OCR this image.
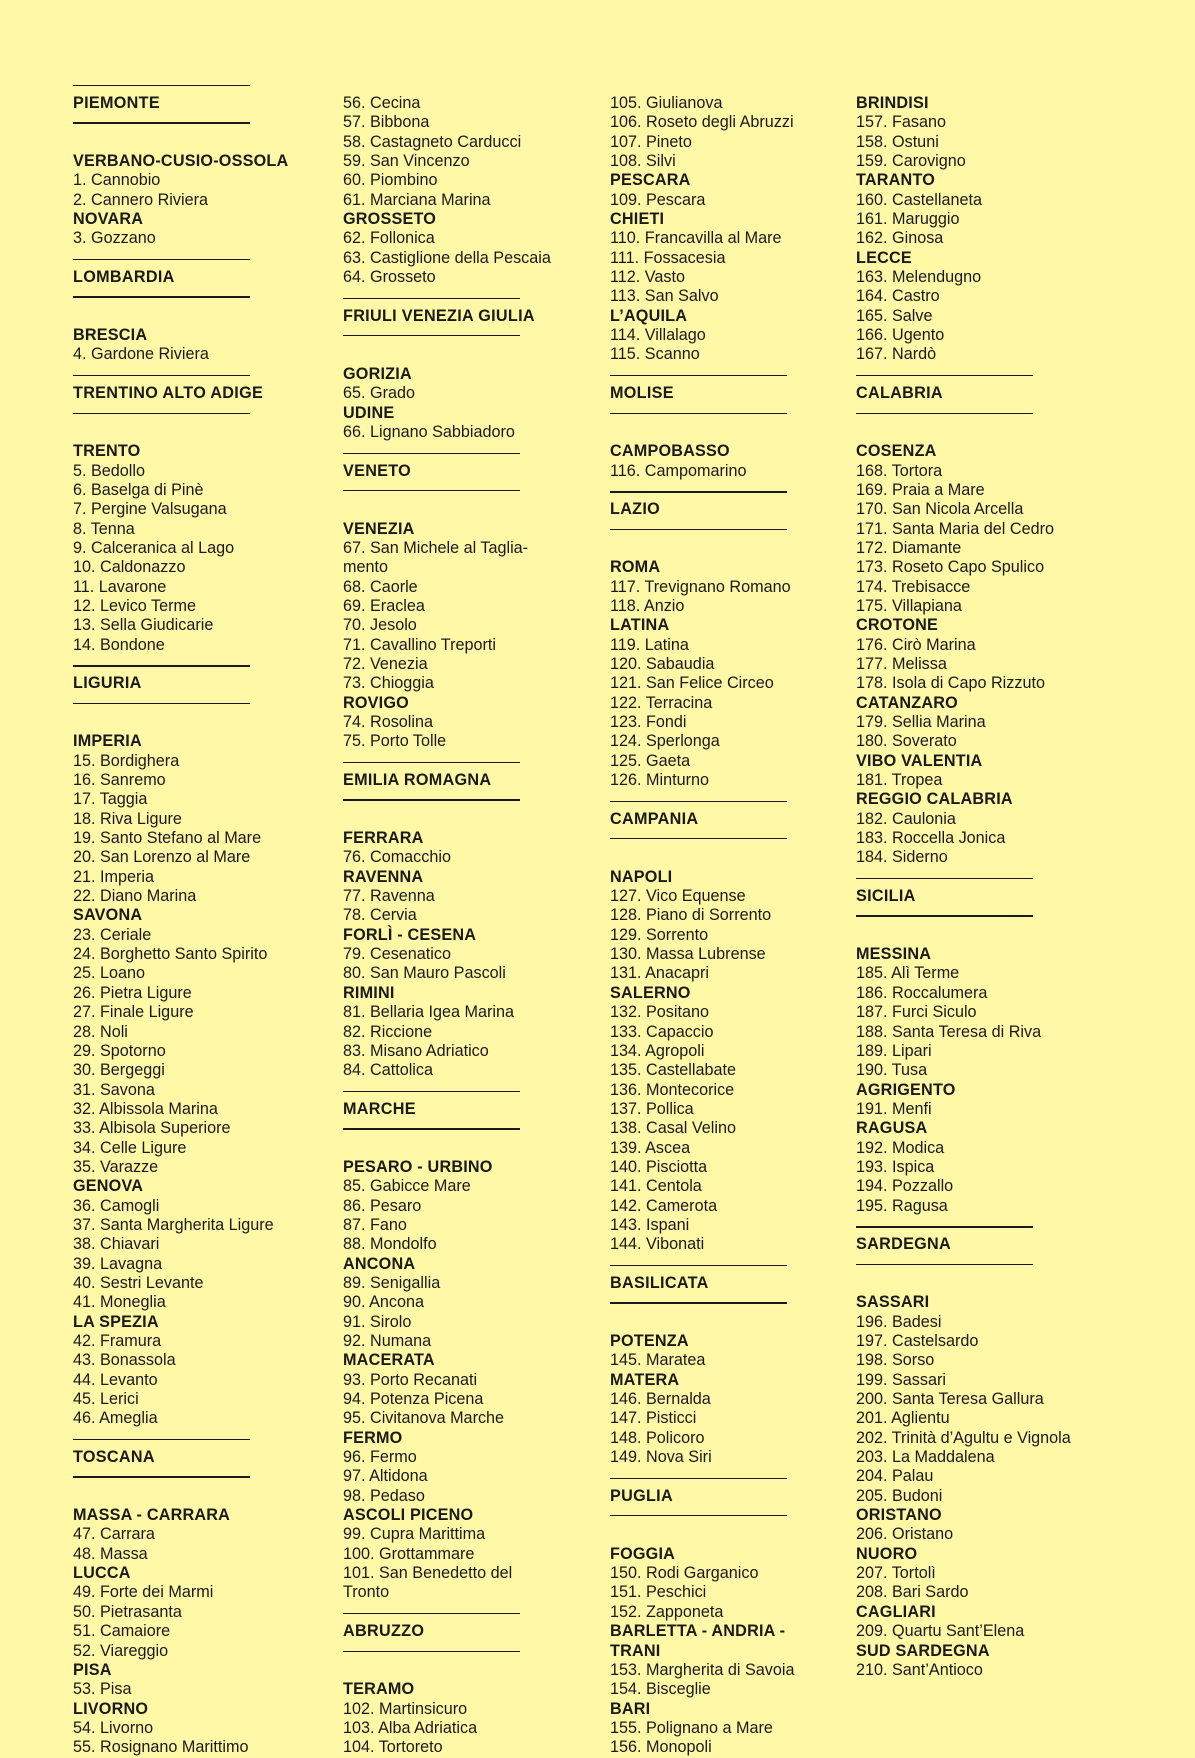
PIEMONTE
VERBANO-CUSIO-OSSOLA
1. Cannobio
2. Cannero Riviera
NOVARA
3. Gozzano
LOMBARDIA
BRESCIA
4. Gardone Riviera
TRENTINO ALTO ADIGE
TRENTO
5. Bedollo
6. Baselga di Pinè
7. Pergine Valsugana
8. Tenna
9. Calceranica al Lago
10. Caldonazzo
11. Lavarone
12. Levico Terme
13. Sella Giudicarie
14. Bondone
LIGURIA
IMPERIA
15. Bordighera
16. Sanremo
17. Taggia
18. Riva Ligure
19. Santo Stefano al Mare
20. San Lorenzo al Mare
21. Imperia
22. Diano Marina
SAVONA
23. Ceriale
24. Borghetto Santo Spirito
25. Loano
26. Pietra Ligure
27. Finale Ligure
28. Noli
29. Spotorno
30. Bergeggi
31. Savona
32. Albissola Marina
33. Albisola Superiore
34. Celle Ligure
35. Varazze
GENOVA
36. Camogli
37. Santa Margherita Ligure
38. Chiavari
39. Lavagna
40. Sestri Levante
41. Moneglia
LA SPEZIA
42. Framura
43. Bonassola
44. Levanto
45. Lerici
46. Ameglia
TOSCANA
MASSA - CARRARA
47. Carrara
48. Massa
LUCCA
49. Forte dei Marmi
50. Pietrasanta
51. Camaiore
52. Viareggio
PISA
53. Pisa
LIVORNO
54. Livorno
55. Rosignano Marittimo
56. Cecina
57. Bibbona
58. Castagneto Carducci
59. San Vincenzo
60. Piombino
61. Marciana Marina
GROSSETO
62. Follonica
63. Castiglione della Pescaia
64. Grosseto
FRIULI VENEZIA GIULIA
GORIZIA
65. Grado
UDINE
66. Lignano Sabbiadoro
VENETO
VENEZIA
67. San Michele al Taglia-
mento
68. Caorle
69. Eraclea
70. Jesolo
71. Cavallino Treporti
72. Venezia
73. Chioggia
ROVIGO
74. Rosolina
75. Porto Tolle
EMILIA ROMAGNA
FERRARA
76. Comacchio
RAVENNA
77. Ravenna
78. Cervia
FORLÌ - CESENA
79. Cesenatico
80. San Mauro Pascoli
RIMINI
81. Bellaria Igea Marina
82. Riccione
83. Misano Adriatico
84. Cattolica
MARCHE
PESARO - URBINO
85. Gabicce Mare
86. Pesaro
87. Fano
88. Mondolfo
ANCONA
89. Senigallia
90. Ancona
91. Sirolo
92. Numana
MACERATA
93. Porto Recanati
94. Potenza Picena
95. Civitanova Marche
FERMO
96. Fermo
97. Altidona
98. Pedaso
ASCOLI PICENO
99. Cupra Marittima
100. Grottammare
101. San Benedetto del
Tronto
ABRUZZO
TERAMO
102. Martinsicuro
103. Alba Adriatica
104. Tortoreto
105. Giulianova
106. Roseto degli Abruzzi
107. Pineto
108. Silvi
PESCARA
109. Pescara
CHIETI
110. Francavilla al Mare
111. Fossacesia
112. Vasto
113. San Salvo
L’AQUILA
114. Villalago
115. Scanno
MOLISE
CAMPOBASSO
116. Campomarino
LAZIO
ROMA
117. Trevignano Romano
118. Anzio
LATINA
119. Latina
120. Sabaudia
121. San Felice Circeo
122. Terracina
123. Fondi
124. Sperlonga
125. Gaeta
126. Minturno
CAMPANIA
NAPOLI
127. Vico Equense
128. Piano di Sorrento
129. Sorrento
130. Massa Lubrense
131. Anacapri
SALERNO
132. Positano
133. Capaccio
134. Agropoli
135. Castellabate
136. Montecorice
137. Pollica
138. Casal Velino
139. Ascea
140. Pisciotta
141. Centola
142. Camerota
143. Ispani
144. Vibonati
BASILICATA
POTENZA
145. Maratea
MATERA
146. Bernalda
147. Pisticci
148. Policoro
149. Nova Siri
PUGLIA
FOGGIA
150. Rodi Garganico
151. Peschici
152. Zapponeta
BARLETTA - ANDRIA -
TRANI
153. Margherita di Savoia
154. Bisceglie
BARI
155. Polignano a Mare
156. Monopoli
BRINDISI
157. Fasano
158. Ostuni
159. Carovigno
TARANTO
160. Castellaneta
161. Maruggio
162. Ginosa
LECCE
163. Melendugno
164. Castro
165. Salve
166. Ugento
167. Nardò
CALABRIA
COSENZA
168. Tortora
169. Praia a Mare
170. San Nicola Arcella
171. Santa Maria del Cedro
172. Diamante
173. Roseto Capo Spulico
174. Trebisacce
175. Villapiana
CROTONE
176. Cirò Marina
177. Melissa
178. Isola di Capo Rizzuto
CATANZARO
179. Sellia Marina
180. Soverato
VIBO VALENTIA
181. Tropea
REGGIO CALABRIA
182. Caulonia
183. Roccella Jonica
184. Siderno
SICILIA
MESSINA
185. Alì Terme
186. Roccalumera
187. Furci Siculo
188. Santa Teresa di Riva
189. Lipari
190. Tusa
AGRIGENTO
191. Menfi
RAGUSA
192. Modica
193. Ispica
194. Pozzallo
195. Ragusa
SARDEGNA
SASSARI
196. Badesi
197. Castelsardo
198. Sorso
199. Sassari
200. Santa Teresa Gallura
201. Aglientu
202. Trinità d’Agultu e Vignola
203. La Maddalena
204. Palau
205. Budoni
ORISTANO
206. Oristano
NUORO
207. Tortolì
208. Bari Sardo
CAGLIARI
209. Quartu Sant’Elena
SUD SARDEGNA
210. Sant’Antioco
